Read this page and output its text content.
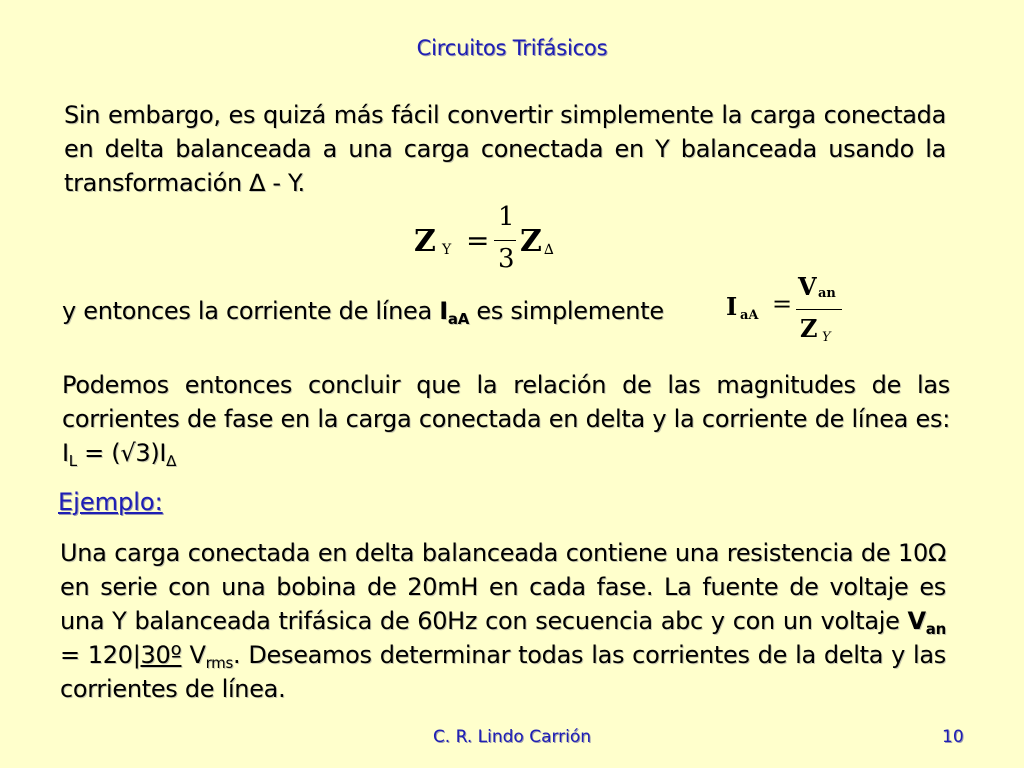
Circuitos Trifásicos
Sin embargo, es quizá más fácil convertir simplemente la carga conectada en delta balanceada a una carga conectada en Y balanceada usando la transformación ∆ - Y.
Z Y =
1
3 Z ∆
y entonces la corriente de línea $I_{aA}$ es simplemente	I aA =
V an
Z Y
Podemos entonces concluir que la relación de las magnitudes de las corrientes de fase en la carga conectada en delta y la corriente de línea es: $I_L = (√3)I_\Delta$
Ejemplo:
Una carga conectada en delta balanceada contiene una resistencia de 10Ω en serie con una bobina de 20mH en cada fase. La fuente de voltaje es una Y balanceada trifásica de 60Hz con secuencia abc y con un voltaje $V_{an}$ = 120|30º $V_{rms}$. Deseamos determinar todas las corrientes de la delta y las corrientes de línea.
C. R. Lindo Carrión	10
